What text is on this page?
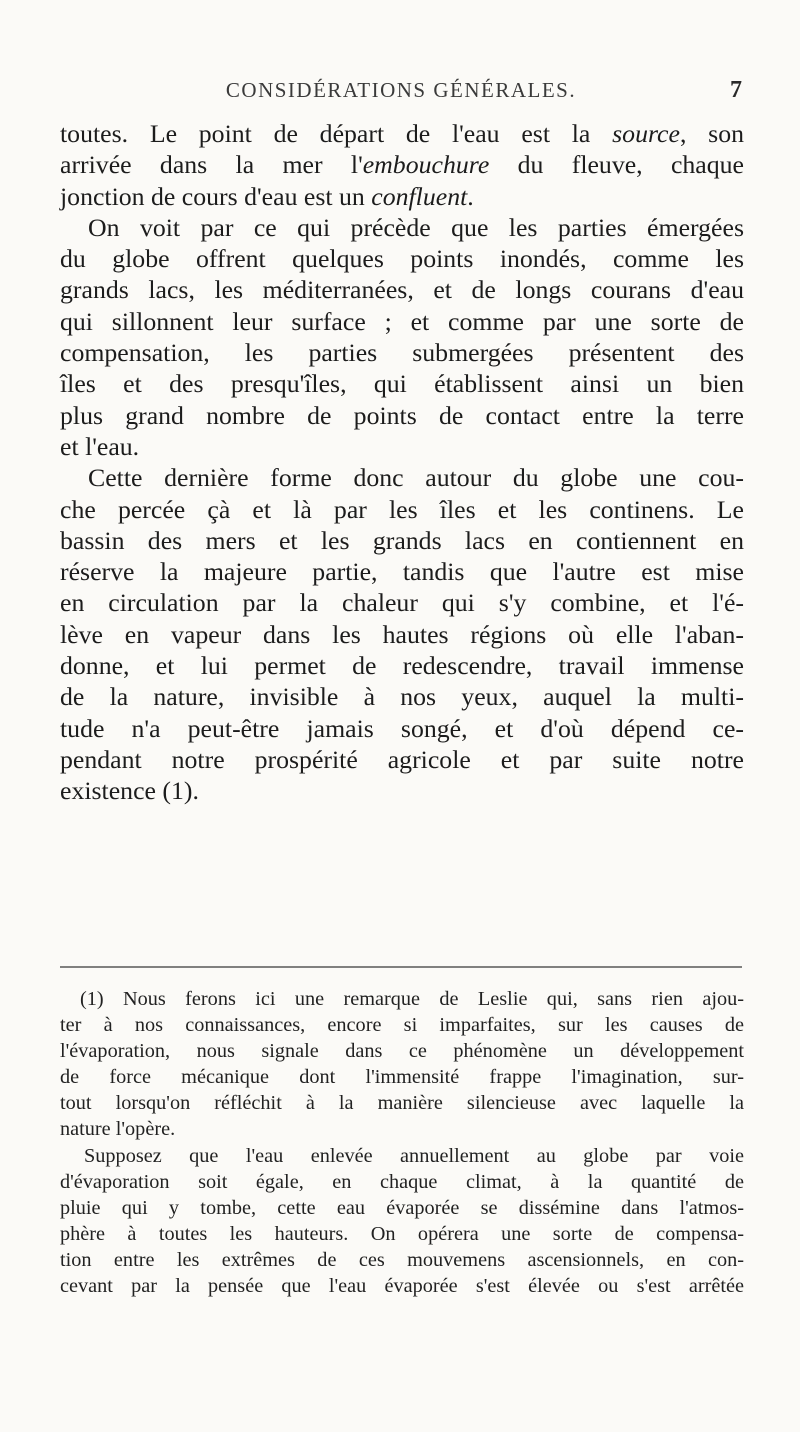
CONSIDÉRATIONS GÉNÉRALES.	7
toutes. Le point de départ de l'eau est la source, son
arrivée dans la mer l'embouchure du fleuve, chaque
jonction de cours d'eau est un confluent.
On voit par ce qui précède que les parties émergées
du globe offrent quelques points inondés, comme les
grands lacs, les méditerranées, et de longs courans d'eau
qui sillonnent leur surface ; et comme par une sorte de
compensation, les parties submergées présentent des
îles et des presqu'îles, qui établissent ainsi un bien
plus grand nombre de points de contact entre la terre
et l'eau.
Cette dernière forme donc autour du globe une cou-
che percée çà et là par les îles et les continens. Le
bassin des mers et les grands lacs en contiennent en
réserve la majeure partie, tandis que l'autre est mise
en circulation par la chaleur qui s'y combine, et l'é-
lève en vapeur dans les hautes régions où elle l'aban-
donne, et lui permet de redescendre, travail immense
de la nature, invisible à nos yeux, auquel la multi-
tude n'a peut-être jamais songé, et d'où dépend ce-
pendant notre prospérité agricole et par suite notre
existence (1).
(1) Nous ferons ici une remarque de Leslie qui, sans rien ajou-
ter à nos connaissances, encore si imparfaites, sur les causes de
l'évaporation, nous signale dans ce phénomène un développement
de force mécanique dont l'immensité frappe l'imagination, sur-
tout lorsqu'on réfléchit à la manière silencieuse avec laquelle la
nature l'opère.
Supposez que l'eau enlevée annuellement au globe par voie
d'évaporation soit égale, en chaque climat, à la quantité de
pluie qui y tombe, cette eau évaporée se dissémine dans l'atmos-
phère à toutes les hauteurs. On opérera une sorte de compensa-
tion entre les extrêmes de ces mouvemens ascensionnels, en con-
cevant par la pensée que l'eau évaporée s'est élevée ou s'est arrêtée
